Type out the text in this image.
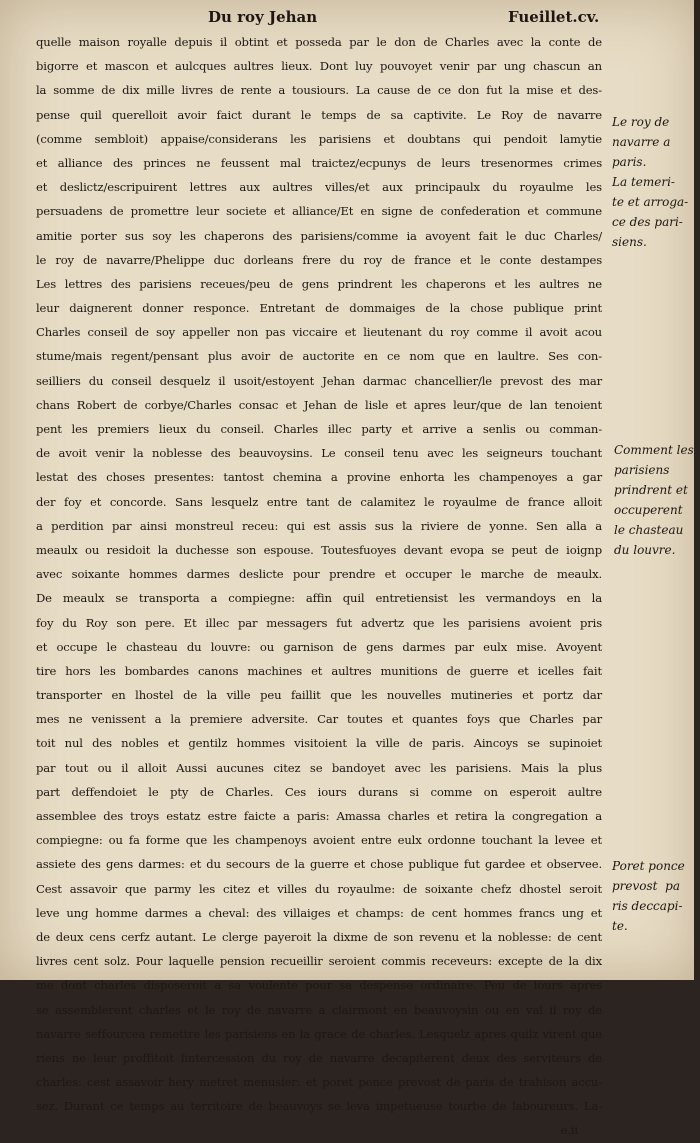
Du roy Jehan	Fueillet.cv.
quelle maison royalle depuis il obtint et posseda par le don de Charles avec la conte de
bigorre et mascon et aulcques aultres lieux. Dont luy pouvoyet venir par ung chascun an
la somme de dix mille livres de rente a tousiours. La cause de ce don fut la mise et des-
pense quil querelloit avoir faict durant le temps de sa captivite. Le Roy de navarre
(comme sembloit) appaise/considerans les parisiens et doubtans qui pendoit lamytie
et alliance des princes ne feussent mal traictez/ecpunys de leurs tresenormes crimes
et deslictz/escripuirent lettres aux aultres villes/et aux principaulx du royaulme les
persuadens de promettre leur societe et alliance/Et en signe de confederation et commune
amitie porter sus soy les chaperons des parisiens/comme ia avoyent fait le duc Charles/
le roy de navarre/Phelippe duc dorleans frere du roy de france et le conte destampes
Les lettres des parisiens receues/peu de gens prindrent les chaperons et les aultres ne
leur daignerent donner responce. Entretant de dommaiges de la chose publique print
Charles conseil de soy appeller non pas viccaire et lieutenant du roy comme il avoit acou
stume/mais regent/pensant plus avoir de auctorite en ce nom que en laultre. Ses con-
seilliers du conseil desquelz il usoit/estoyent Jehan darmac chancellier/le prevost des mar
chans Robert de corbye/Charles consac et Jehan de lisle et apres leur/que de lan tenoient
pent les premiers lieux du conseil. Charles illec party et arrive a senlis ou comman-
de avoit venir la noblesse des beauvoysins. Le conseil tenu avec les seigneurs touchant
lestat des choses presentes: tantost chemina a provine enhorta les champenoyes a gar
der foy et concorde. Sans lesquelz entre tant de calamitez le royaulme de france alloit
a perdition par ainsi monstreul receu: qui est assis sus la riviere de yonne. Sen alla a
meaulx ou residoit la duchesse son espouse. Toutesfuoyes devant evopa se peut de ioignp
avec soixante hommes darmes deslicte pour prendre et occuper le marche de meaulx.
De meaulx se transporta a compiegne: affin quil entretiensist les vermandoys en la
foy du Roy son pere. Et illec par messagers fut advertz que les parisiens avoient pris
et occupe le chasteau du louvre: ou garnison de gens darmes par eulx mise. Avoyent
tire hors les bombardes canons machines et aultres munitions de guerre et icelles fait
transporter en lhostel de la ville peu faillit que les nouvelles mutineries et portz dar
mes ne venissent a la premiere adversite. Car toutes et quantes foys que Charles par
toit nul des nobles et gentilz hommes visitoient la ville de paris. Aincoys se supinoiet
par tout ou il alloit Aussi aucunes citez se bandoyet avec les parisiens. Mais la plus
part deffendoiet le pty de Charles. Ces iours durans si comme on esperoit aultre
assemblee des troys estatz estre faicte a paris: Amassa charles et retira la congregation a
compiegne: ou fa forme que les champenoys avoient entre eulx ordonne touchant la levee et
assiete des gens darmes: et du secours de la guerre et chose publique fut gardee et observee.
Cest assavoir que parmy les citez et villes du royaulme: de soixante chefz dhostel seroit
leve ung homme darmes a cheval: des villaiges et champs: de cent hommes francs ung et
de deux cens cerfz autant. Le clerge payeroit la dixme de son revenu et la noblesse: de cent
livres cent solz. Pour laquelle pension recueillir seroient commis receveurs: excepte de la dix
me dont charles disposeroit a sa voulente pour sa despense ordinaire. Peu de iours apres
se assemblerent charles et le roy de navarre a clairmont en beauvoysin ou en val il roy de
navarre seffourcea remettre les parisiens en la grace de charles. Lesquelz apres quilz virent que
riens ne leur proffitoit lintercession du roy de navarre decapiterent deux des serviteurs de
charles: cest assavoir hery metret menusier: et poret ponce prevost de paris de trahison accu-
sez. Durant ce temps au territoire de beauvoys se leva impetueuse tourbe de laboureurs. La-
e.ii
Le roy de
navarre a
paris.
La temeri-
te et arroga-
ce des pari-
siens.
Comment les
parisiens
prindrent et
occuperent
le chasteau
du louvre.
Poret ponce
prevost  pa
ris deccapi-
te.
